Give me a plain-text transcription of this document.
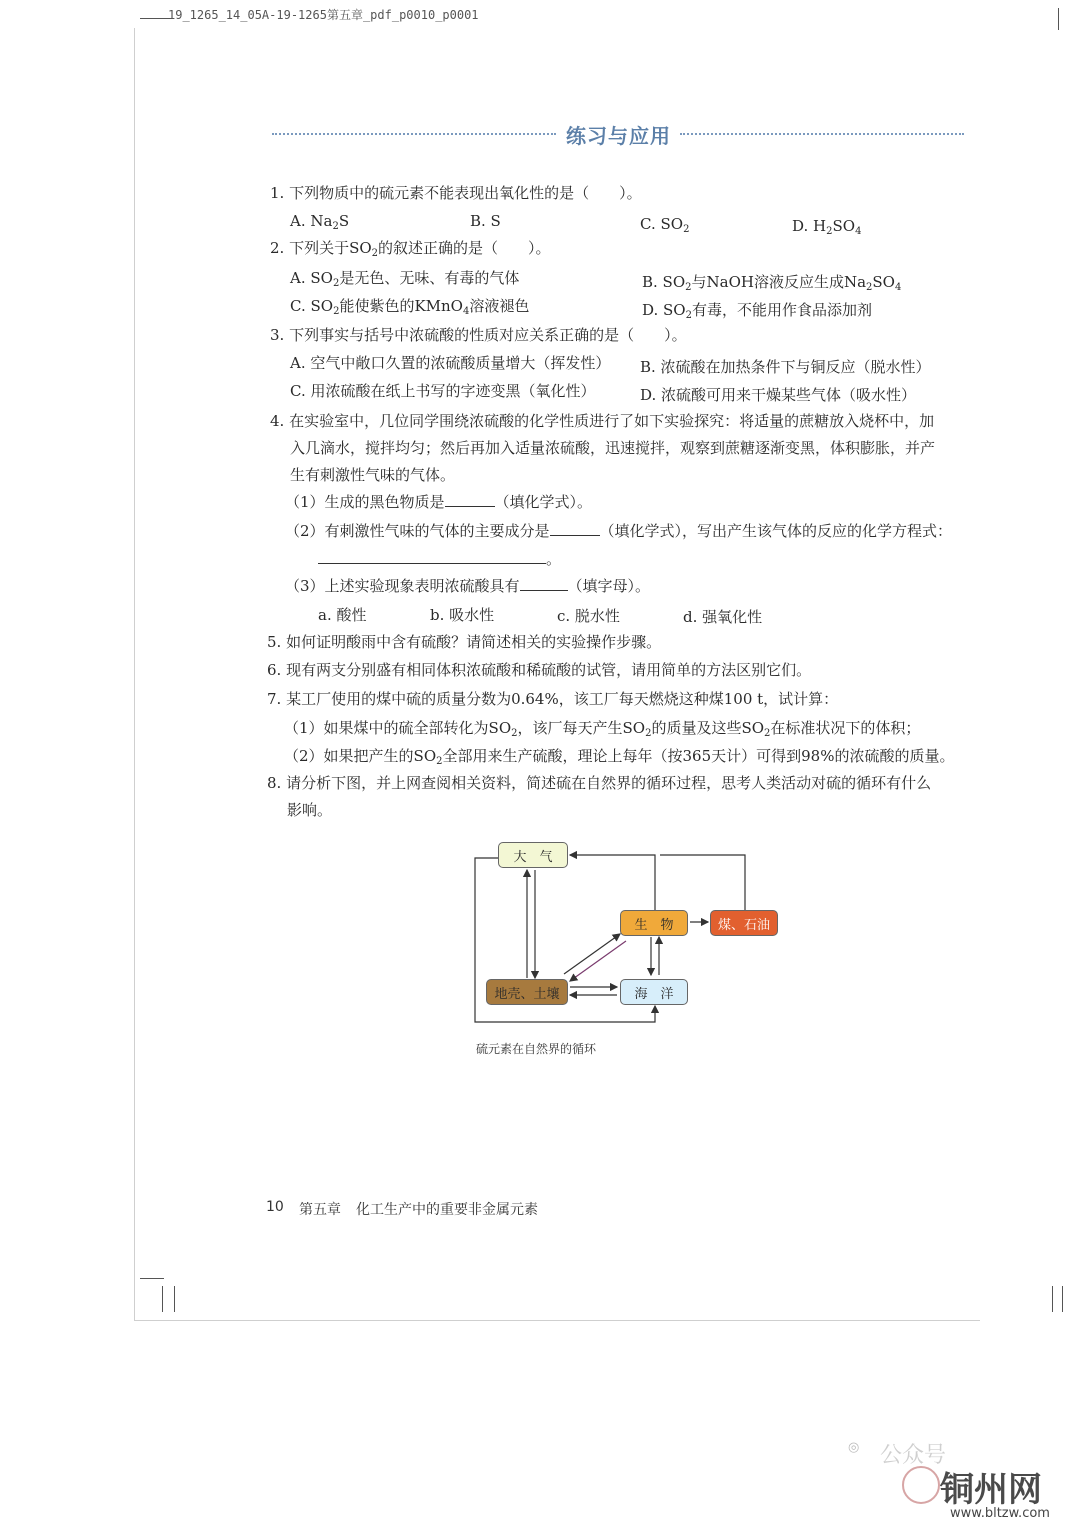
19_1265_14_05A-19-1265第五章_pdf_p0010_p0001
练习与应用
1. 下列物质中的硫元素不能表现出氧化性的是（　　）。
A. $Na_2S$	B. S	C. $SO_2$	D. $H_2SO_4$
2. 下列关于$SO_2$的叙述正确的是（　　）。
A. $SO_2$是无色、无味、有毒的气体	B. $SO_2$与NaOH溶液反应生成$Na_2SO_4$
C. $SO_2$能使紫色的KMnO$_4$溶液褪色	D. $SO_2$有毒，不能用作食品添加剂
3. 下列事实与括号中浓硫酸的性质对应关系正确的是（　　）。
A. 空气中敞口久置的浓硫酸质量增大（挥发性） B. 浓硫酸在加热条件下与铜反应（脱水性）
C. 用浓硫酸在纸上书写的字迹变黑（氧化性）	D. 浓硫酸可用来干燥某些气体（吸水性）
4. 在实验室中，几位同学围绕浓硫酸的化学性质进行了如下实验探究：将适量的蔗糖放入烧杯中，加
入几滴水，搅拌均匀；然后再加入适量浓硫酸，迅速搅拌，观察到蔗糖逐渐变黑，体积膨胀，并产
生有刺激性气味的气体。
（1）生成的黑色物质是	（填化学式）。
（2）有刺激性气味的气体的主要成分是	（填化学式），写出产生该气体的反应的化学方程式：
。
（3）上述实验现象表明浓硫酸具有	（填字母）。
a. 酸性	b. 吸水性	c. 脱水性	d. 强氧化性
5. 如何证明酸雨中含有硫酸？请简述相关的实验操作步骤。
6. 现有两支分别盛有相同体积浓硫酸和稀硫酸的试管，请用简单的方法区别它们。
7. 某工厂使用的煤中硫的质量分数为0.64%，该工厂每天燃烧这种煤100 t，试计算：
（1）如果煤中的硫全部转化为$SO_2$，该厂每天产生$SO_2$的质量及这些$SO_2$在标准状况下的体积；
（2）如果把产生的$SO_2$全部用来生产硫酸，理论上每年（按365天计）可得到98%的浓硫酸的质量。
8. 请分析下图，并上网查阅相关资料，简述硫在自然界的循环过程，思考人类活动对硫的循环有什么
影响。
大　气
生　物	煤、石油
地壳、土壤	海　洋
硫元素在自然界的循环
10 第五章 化工生产中的重要非金属元素
◎ 公众号
铜州网
www.bltzw.com
